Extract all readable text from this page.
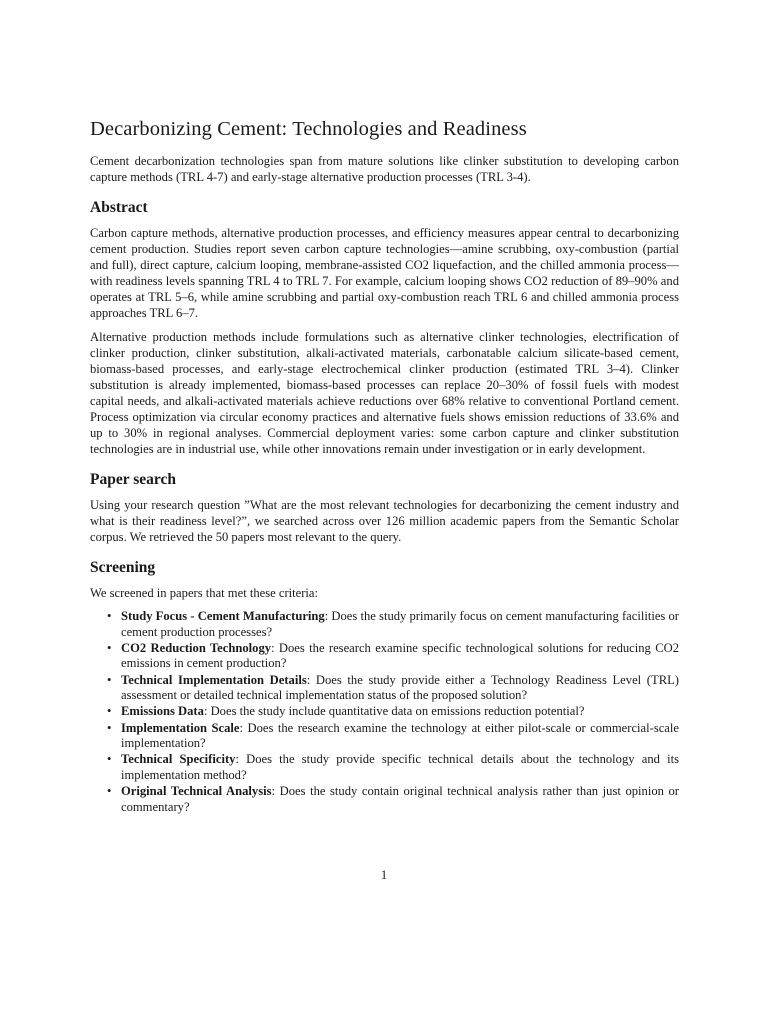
Decarbonizing Cement: Technologies and Readiness

Cement decarbonization technologies span from mature solutions like clinker substitution to developing carbon capture methods (TRL 4-7) and early-stage alternative production processes (TRL 3-4).

Abstract

Carbon capture methods, alternative production processes, and efficiency measures appear central to decarbonizing cement production. Studies report seven carbon capture technologies—amine scrubbing, oxy-combustion (partial and full), direct capture, calcium looping, membrane-assisted CO2 liquefaction, and the chilled ammonia process—with readiness levels spanning TRL 4 to TRL 7. For example, calcium looping shows CO2 reduction of 89–90% and operates at TRL 5–6, while amine scrubbing and partial oxy-combustion reach TRL 6 and chilled ammonia process approaches TRL 6–7.

Alternative production methods include formulations such as alternative clinker technologies, electrification of clinker production, clinker substitution, alkali-activated materials, carbonatable calcium silicate-based cement, biomass-based processes, and early-stage electrochemical clinker production (estimated TRL 3–4). Clinker substitution is already implemented, biomass-based processes can replace 20–30% of fossil fuels with modest capital needs, and alkali-activated materials achieve reductions over 68% relative to conventional Portland cement. Process optimization via circular economy practices and alternative fuels shows emission reductions of 33.6% and up to 30% in regional analyses. Commercial deployment varies: some carbon capture and clinker substitution technologies are in industrial use, while other innovations remain under investigation or in early development.

Paper search

Using your research question ”What are the most relevant technologies for decarbonizing the cement industry and what is their readiness level?”, we searched across over 126 million academic papers from the Semantic Scholar corpus. We retrieved the 50 papers most relevant to the query.

Screening

We screened in papers that met these criteria:

• Study Focus - Cement Manufacturing: Does the study primarily focus on cement manufacturing facilities or cement production processes?
• CO2 Reduction Technology: Does the research examine specific technological solutions for reducing CO2 emissions in cement production?
• Technical Implementation Details: Does the study provide either a Technology Readiness Level (TRL) assessment or detailed technical implementation status of the proposed solution?
• Emissions Data: Does the study include quantitative data on emissions reduction potential?
• Implementation Scale: Does the research examine the technology at either pilot-scale or commercial-scale implementation?
• Technical Specificity: Does the study provide specific technical details about the technology and its implementation method?
• Original Technical Analysis: Does the study contain original technical analysis rather than just opinion or commentary?
1
